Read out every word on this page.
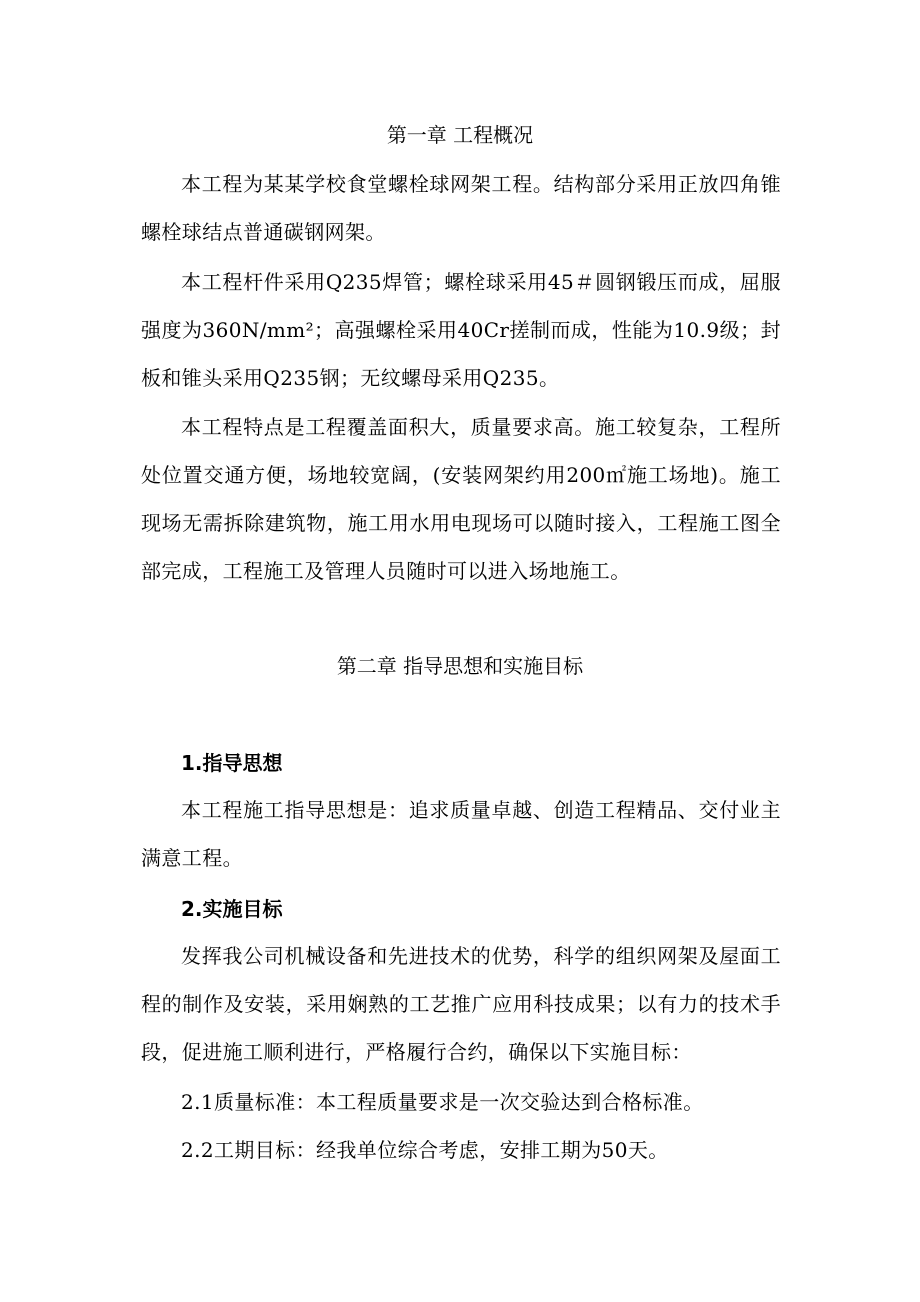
第一章 工程概况
本工程为某某学校食堂螺栓球网架工程。结构部分采用正放四角锥螺栓球结点普通碳钢网架。
本工程杆件采用Q235焊管；螺栓球采用45＃圆钢锻压而成，屈服强度为360N/mm²；高强螺栓采用40Cr搓制而成，性能为10.9级；封板和锥头采用Q235钢；无纹螺母采用Q235。
本工程特点是工程覆盖面积大，质量要求高。施工较复杂，工程所处位置交通方便，场地较宽阔，(安装网架约用200㎡施工场地)。施工现场无需拆除建筑物，施工用水用电现场可以随时接入，工程施工图全部完成，工程施工及管理人员随时可以进入场地施工。
第二章 指导思想和实施目标
1.指导思想
本工程施工指导思想是：追求质量卓越、创造工程精品、交付业主满意工程。
2.实施目标
发挥我公司机械设备和先进技术的优势，科学的组织网架及屋面工程的制作及安装，采用娴熟的工艺推广应用科技成果；以有力的技术手段，促进施工顺利进行，严格履行合约，确保以下实施目标：
2.1质量标准：本工程质量要求是一次交验达到合格标准。
2.2工期目标：经我单位综合考虑，安排工期为50天。
